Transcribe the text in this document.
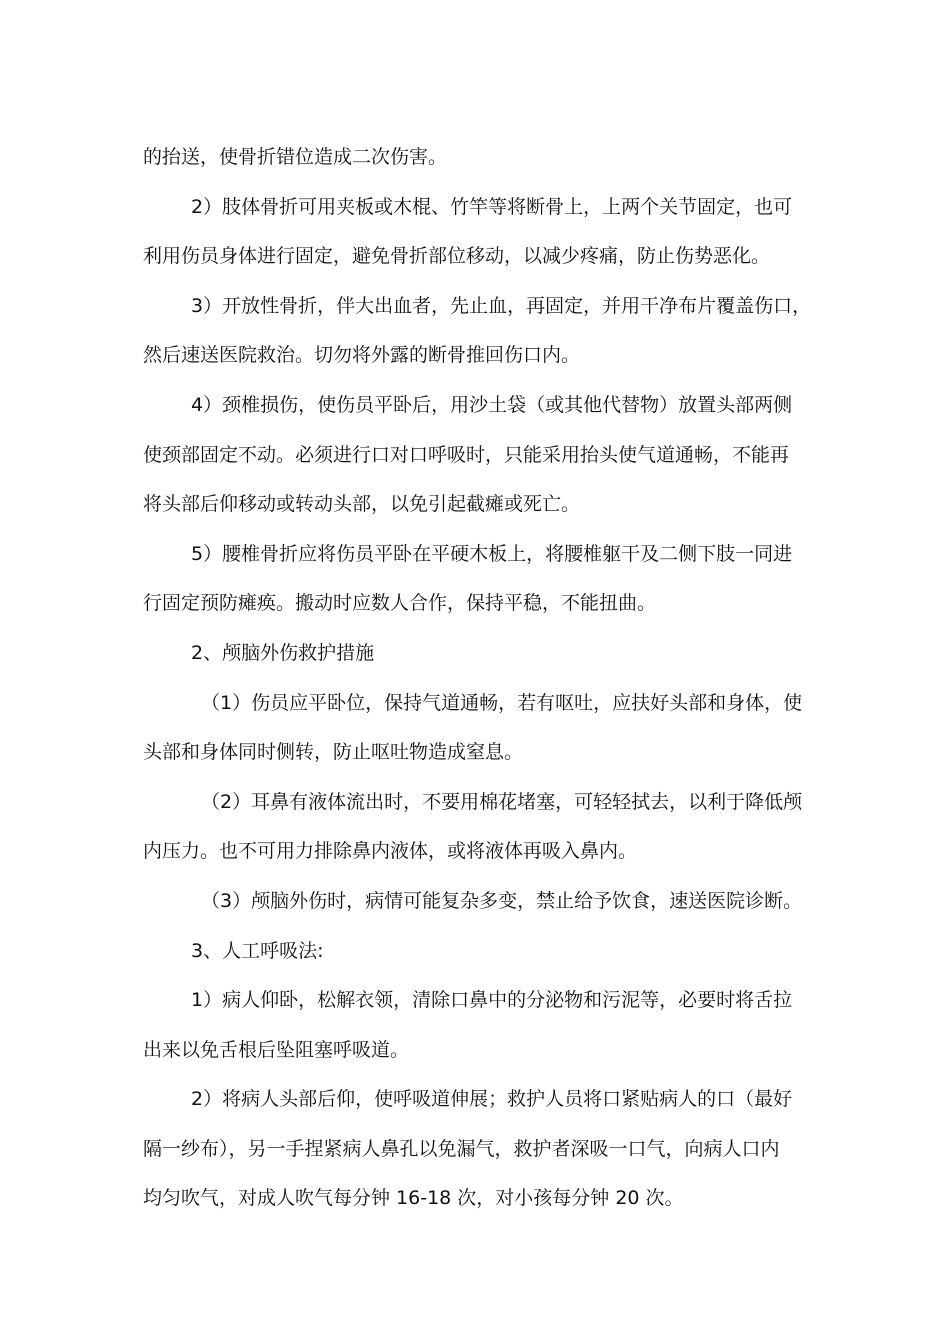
的抬送，使骨折错位造成二次伤害。
2）肢体骨折可用夹板或木棍、竹竿等将断骨上，上两个关节固定，也可
利用伤员身体进行固定，避免骨折部位移动，以减少疼痛，防止伤势恶化。
3）开放性骨折，伴大出血者，先止血，再固定，并用干净布片覆盖伤口，
然后速送医院救治。切勿将外露的断骨推回伤口内。
4）颈椎损伤，使伤员平卧后，用沙土袋（或其他代替物）放置头部两侧
使颈部固定不动。必须进行口对口呼吸时，只能采用抬头使气道通畅，不能再
将头部后仰移动或转动头部，以免引起截瘫或死亡。
5）腰椎骨折应将伤员平卧在平硬木板上，将腰椎躯干及二侧下肢一同进
行固定预防瘫痪。搬动时应数人合作，保持平稳，不能扭曲。
2、颅脑外伤救护措施
（1）伤员应平卧位，保持气道通畅，若有呕吐，应扶好头部和身体，使
头部和身体同时侧转，防止呕吐物造成窒息。
（2）耳鼻有液体流出时，不要用棉花堵塞，可轻轻拭去，以利于降低颅
内压力。也不可用力排除鼻内液体，或将液体再吸入鼻内。
（3）颅脑外伤时，病情可能复杂多变，禁止给予饮食，速送医院诊断。
3、人工呼吸法:
1）病人仰卧，松解衣领，清除口鼻中的分泌物和污泥等，必要时将舌拉
出来以免舌根后坠阻塞呼吸道。
2）将病人头部后仰，使呼吸道伸展；救护人员将口紧贴病人的口（最好
隔一纱布），另一手捏紧病人鼻孔以免漏气，救护者深吸一口气，向病人口内
均匀吹气，对成人吹气每分钟 16-18 次，对小孩每分钟 20 次。
